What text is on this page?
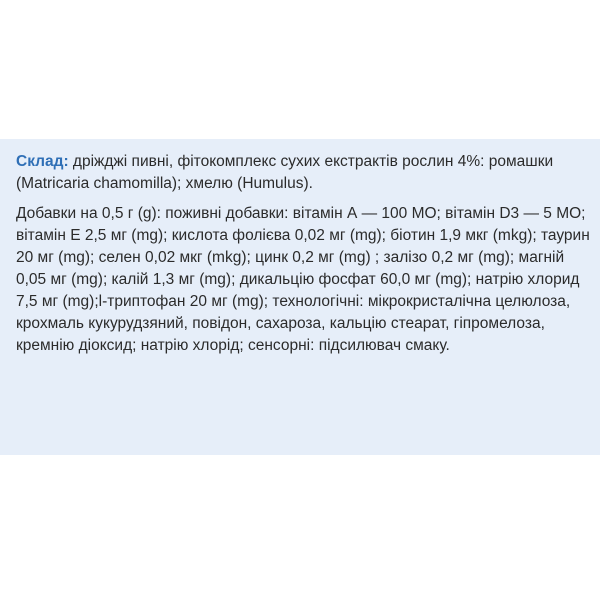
Склад: дріжджі пивні, фітокомплекс сухих екстрактів рослин 4%: ромашки (Matricaria chamomilla); хмелю (Humulus).

Добавки на 0,5 г (g): поживні добавки: вітамін А — 100 МО; вітамін D3 — 5 МО; вітамін Е 2,5 мг (mg); кислота фолієва 0,02 мг (mg); біотин 1,9 мкг (mkg); таурин 20 мг (mg); селен 0,02 мкг (mkg); цинк 0,2 мг (mg) ; залізо 0,2 мг (mg); магній 0,05 мг (mg); калій 1,3 мг (mg); дикальцію фосфат 60,0 мг (mg); натрію хлорид 7,5 мг (mg);l-триптофан 20 мг (mg); технологічні: мікрокристалічна целюлоза, крохмаль кукурудзяний, повідон, сахароза, кальцію стеарат, гіпромелоза, кремнію діоксид; натрію хлорід; сенсорні: підсилювач смаку.
